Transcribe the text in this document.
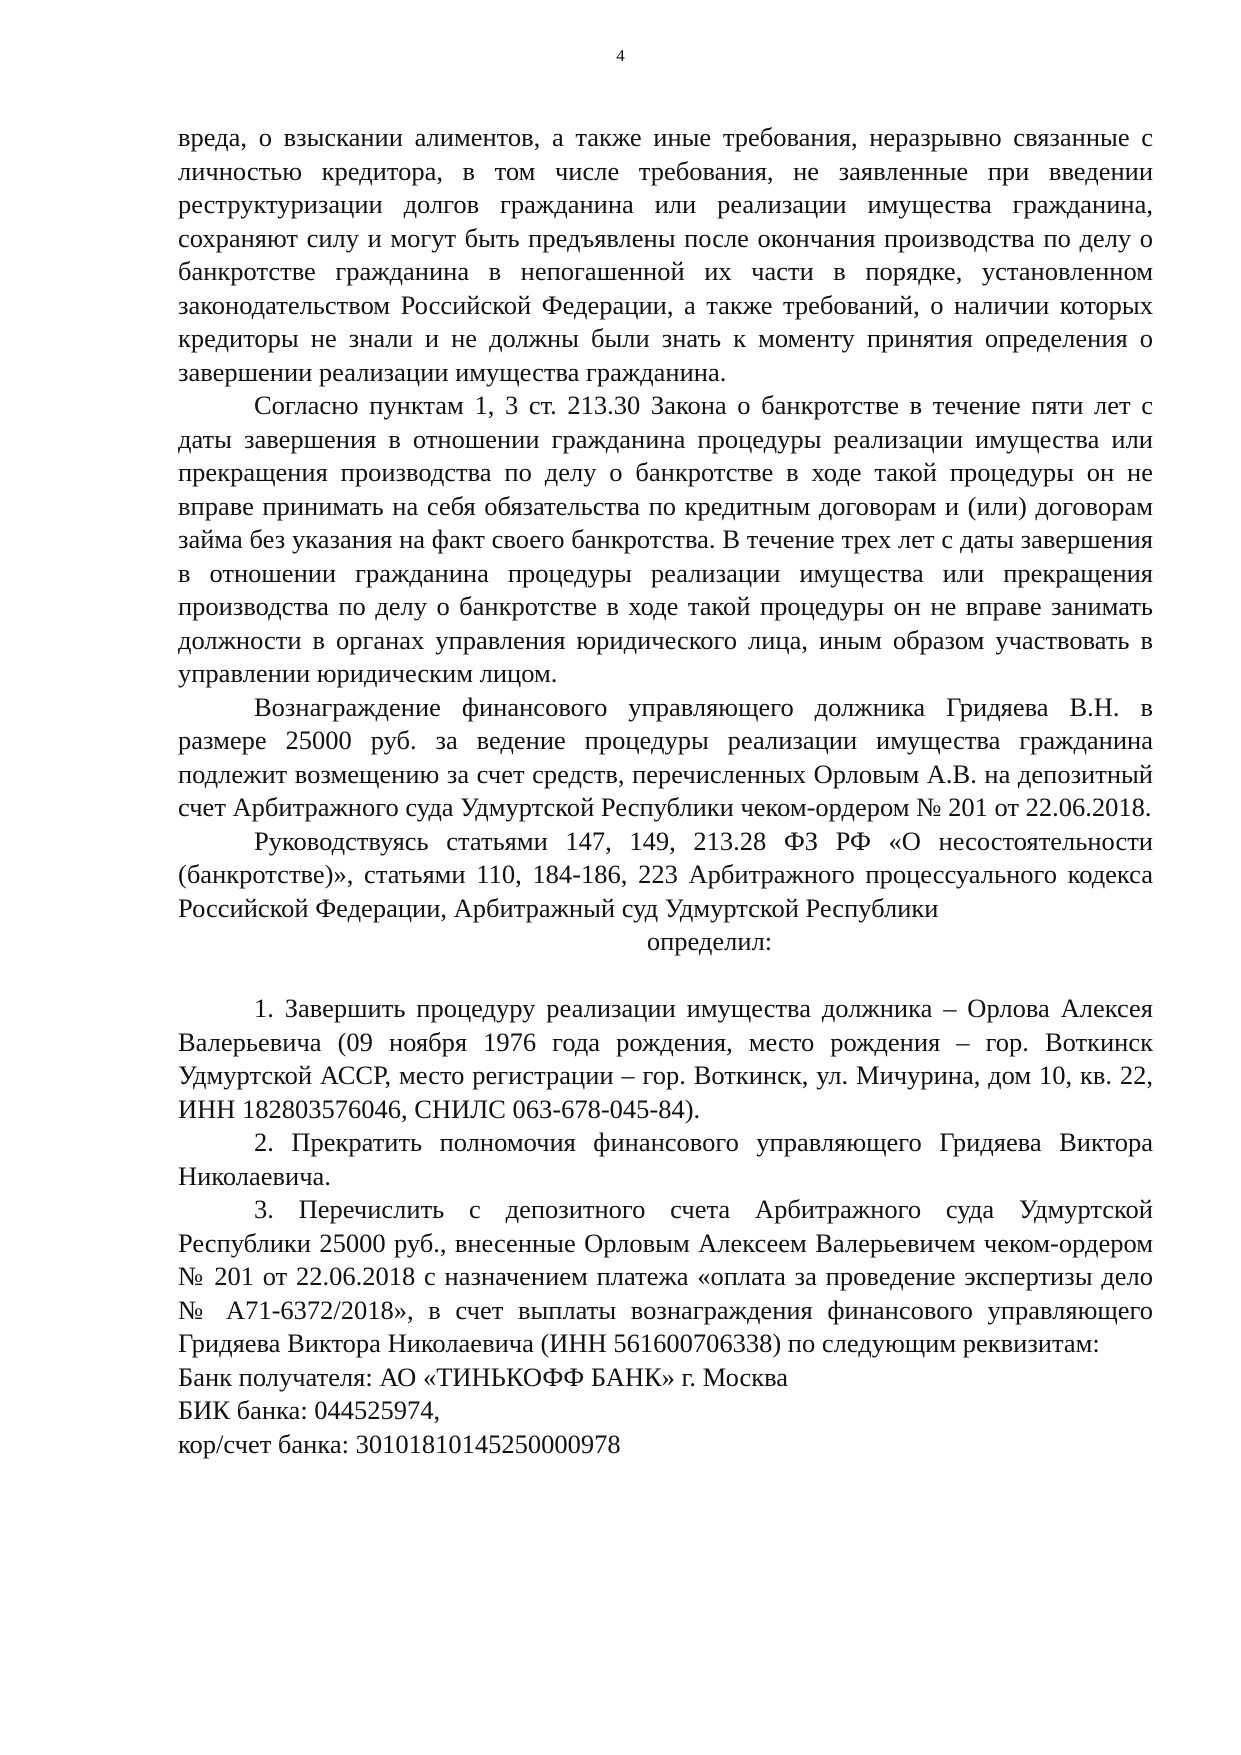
4

вреда, о взыскании алиментов, а также иные требования, неразрывно связанные с личностью кредитора, в том числе требования, не заявленные при введении реструктуризации долгов гражданина или реализации имущества гражданина, сохраняют силу и могут быть предъявлены после окончания производства по делу о банкротстве гражданина в непогашенной их части в порядке, установленном законодательством Российской Федерации, а также требований, о наличии которых кредиторы не знали и не должны были знать к моменту принятия определения о завершении реализации имущества гражданина.

Согласно пунктам 1, 3 ст. 213.30 Закона о банкротстве в течение пяти лет с даты завершения в отношении гражданина процедуры реализации имущества или прекращения производства по делу о банкротстве в ходе такой процедуры он не вправе принимать на себя обязательства по кредитным договорам и (или) договорам займа без указания на факт своего банкротства. В течение трех лет с даты завершения в отношении гражданина процедуры реализации имущества или прекращения производства по делу о банкротстве в ходе такой процедуры он не вправе занимать должности в органах управления юридического лица, иным образом участвовать в управлении юридическим лицом.

Вознаграждение финансового управляющего должника Гридяева В.Н. в размере 25000 руб. за ведение процедуры реализации имущества гражданина подлежит возмещению за счет средств, перечисленных Орловым А.В. на депозитный счет Арбитражного суда Удмуртской Республики чеком-ордером № 201 от 22.06.2018.

Руководствуясь статьями 147, 149, 213.28 ФЗ РФ «О несостоятельности (банкротстве)», статьями 110, 184-186, 223 Арбитражного процессуального кодекса Российской Федерации, Арбитражный суд Удмуртской Республики

определил:

1. Завершить процедуру реализации имущества должника – Орлова Алексея Валерьевича (09 ноября 1976 года рождения, место рождения – гор. Воткинск Удмуртской АССР, место регистрации – гор. Воткинск, ул. Мичурина, дом 10, кв. 22, ИНН 182803576046, СНИЛС 063-678-045-84).

2. Прекратить полномочия финансового управляющего Гридяева Виктора Николаевича.

3. Перечислить с депозитного счета Арбитражного суда Удмуртской Республики 25000 руб., внесенные Орловым Алексеем Валерьевичем чеком-ордером № 201 от 22.06.2018 с назначением платежа «оплата за проведение экспертизы дело № А71-6372/2018», в счет выплаты вознаграждения финансового управляющего Гридяева Виктора Николаевича (ИНН 561600706338) по следующим реквизитам:

Банк получателя: АО «ТИНЬКОФФ БАНК» г. Москва

БИК банка: 044525974,

кор/счет банка: 30101810145250000978
